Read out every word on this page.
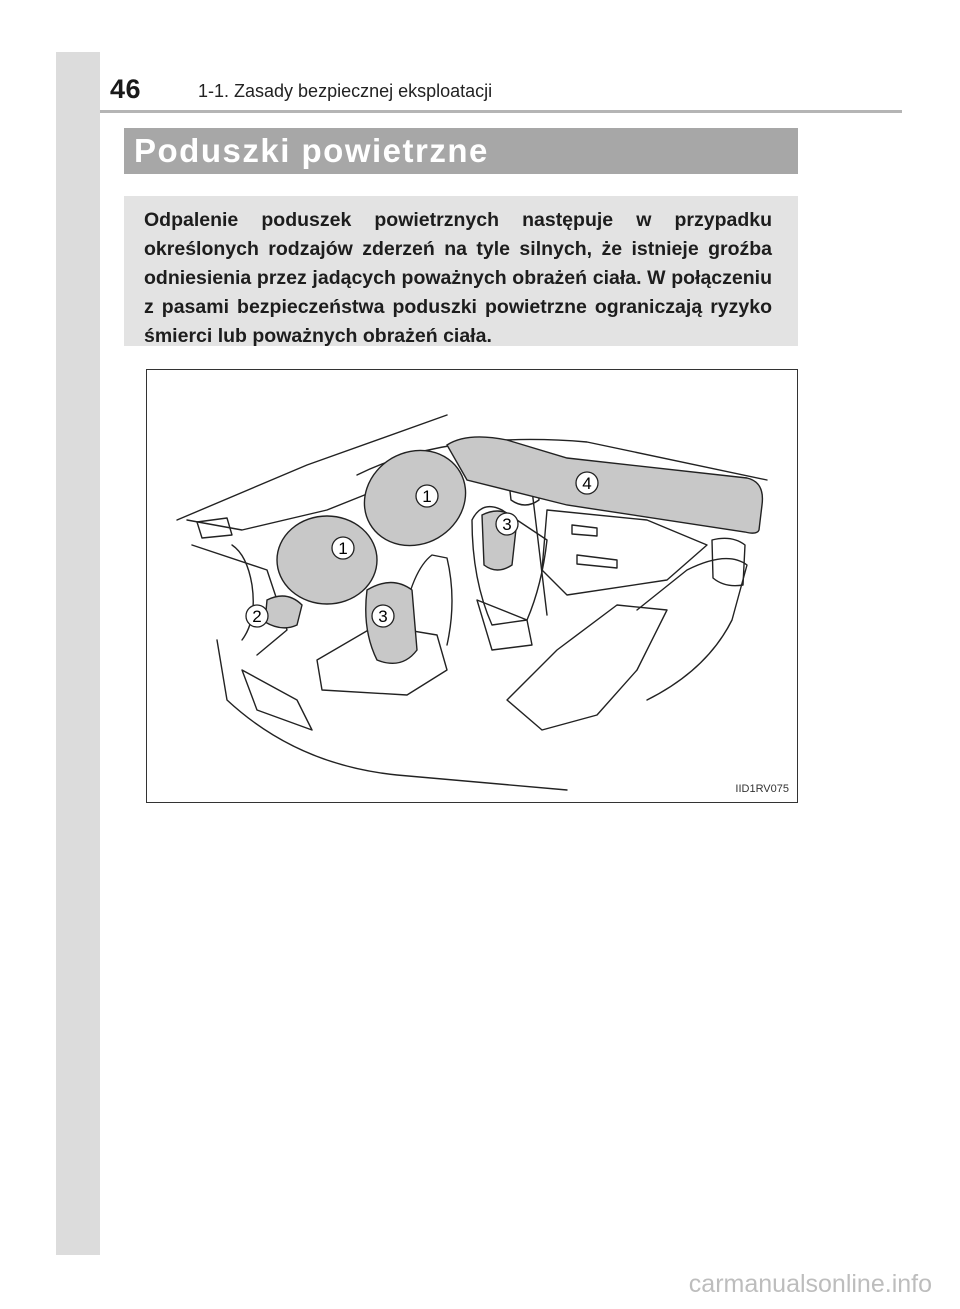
46	1-1. Zasady bezpiecznej eksploatacji
Poduszki powietrzne

Odpalenie poduszek powietrznych następuje w przypadku określonych rodzajów zderzeń na tyle silnych, że istnieje groźba odniesienia przez jadących poważnych obrażeń ciała. W połączeniu z pasami bezpieczeństwa poduszki powietrzne ograniczają ryzyko śmierci lub poważnych obrażeń ciała.

1
1
2	3
3
4
IID1RV075
carmanualsonline.info
